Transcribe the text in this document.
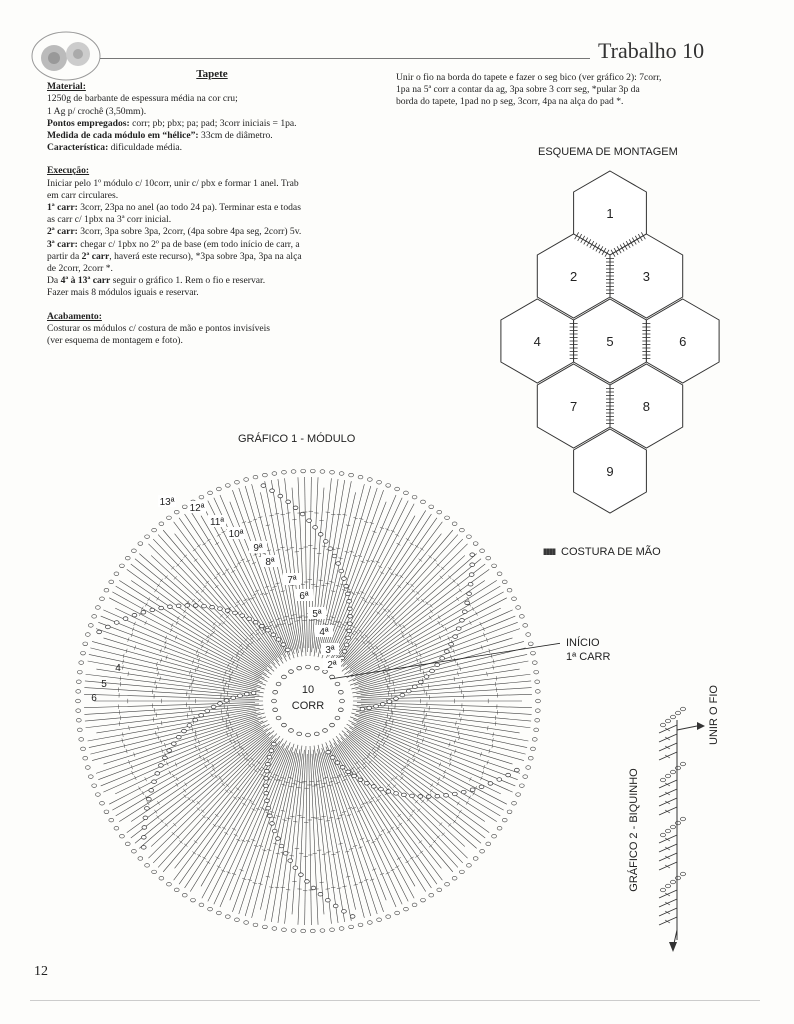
Trabalho 10
Tapete
Material:

1250g de barbante de espessura média na cor cru;

1 Ag p/ crochê (3,50mm).

Pontos empregados: corr; pb; pbx; pa; pad; 3corr iniciais = 1pa.

Medida de cada módulo em “hélice”: 33cm de diâmetro.

Característica: dificuldade média.

Execução:

Iniciar pelo 1º módulo c/ 10corr, unir c/ pbx e formar 1 anel. Trab

em carr circulares.

1ª carr: 3corr, 23pa no anel (ao todo 24 pa). Terminar esta e todas

as carr c/ 1pbx na 3ª corr inicial.

2ª carr: 3corr, 3pa sobre 3pa, 2corr, (4pa sobre 4pa seg, 2corr) 5v.

3ª carr: chegar c/ 1pbx no 2º pa de base (em todo início de carr, a

partir da 2ª carr, haverá este recurso), *3pa sobre 3pa, 3pa na alça

de 2corr, 2corr *.

Da 4ª à 13ª carr seguir o gráfico 1. Rem o fio e reservar.

Fazer mais 8 módulos iguais e reservar.

Acabamento:

Costurar os módulos c/ costura de mão e pontos invisíveis

(ver esquema de montagem e foto).

Unir o fio na borda do tapete e fazer o seg bico (ver gráfico 2): 7corr,

1pa na 5ª corr a contar da ag, 3pa sobre 3 corr seg, *pular 3p da

borda do tapete, 1pad no p seg, 3corr, 4pa na alça do pad *.

ESQUEMA DE MONTAGEM
1
2	3
4	5	6
7	8
9
GRÁFICO 1 - MÓDULO
10
CORR
2ª
3ª
4ª
5ª
6ª
7ª
8ª
9ª
10ª
11ª
12ª
13ª
4
5
6
IIIIIIII COSTURA DE MÃO
GRÁFICO 2 - BIQUINHO
UNIR O FIO
12
INÍCIO
1ª CARR
